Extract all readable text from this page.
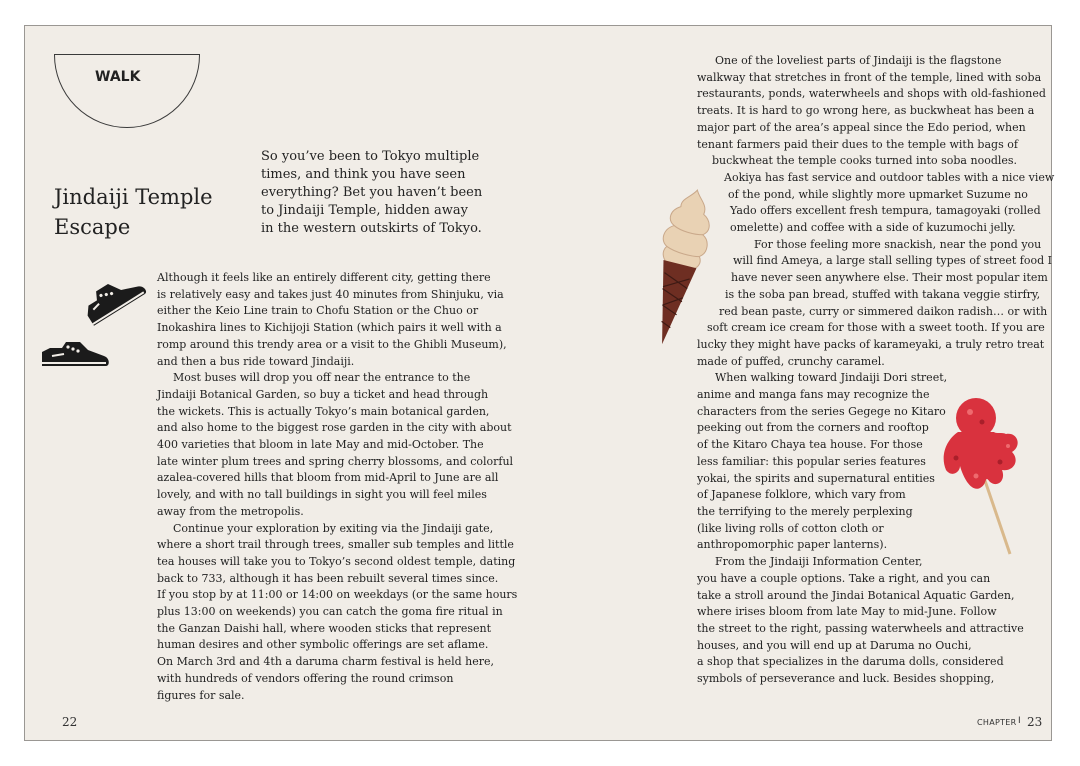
WALK
Jindaiji Temple
Escape

So you’ve been to Tokyo multiple
times, and think you have seen
everything? Bet you haven’t been
to Jindaiji Temple, hidden away
in the western outskirts of Tokyo.

Although it feels like an entirely different city, getting there
is relatively easy and takes just 40 minutes from Shinjuku, via
either the Keio Line train to Chofu Station or the Chuo or
Inokashira lines to Kichijoji Station (which pairs it well with a
romp around this trendy area or a visit to the Ghibli Museum),
and then a bus ride toward Jindaiji.
Most buses will drop you off near the entrance to the
Jindaiji Botanical Garden, so buy a ticket and head through
the wickets. This is actually Tokyo’s main botanical garden,
and also home to the biggest rose garden in the city with about
400 varieties that bloom in late May and mid-October. The
late winter plum trees and spring cherry blossoms, and colorful
azalea-covered hills that bloom from mid-April to June are all
lovely, and with no tall buildings in sight you will feel miles
away from the metropolis.
Continue your exploration by exiting via the Jindaiji gate,
where a short trail through trees, smaller sub temples and little
tea houses will take you to Tokyo’s second oldest temple, dating
back to 733, although it has been rebuilt several times since.
If you stop by at 11:00 or 14:00 on weekdays (or the same hours
plus 13:00 on weekends) you can catch the goma fire ritual in
the Ganzan Daishi hall, where wooden sticks that represent
human desires and other symbolic offerings are set aflame.
On March 3rd and 4th a daruma charm festival is held here,
with hundreds of vendors offering the round crimson
figures for sale.
One of the loveliest parts of Jindaiji is the flagstone
walkway that stretches in front of the temple, lined with soba
restaurants, ponds, waterwheels and shops with old-fashioned
treats. It is hard to go wrong here, as buckwheat has been a
major part of the area’s appeal since the Edo period, when
tenant farmers paid their dues to the temple with bags of
buckwheat the temple cooks turned into soba noodles.
Aokiya has fast service and outdoor tables with a nice view
of the pond, while slightly more upmarket Suzume no
Yado offers excellent fresh tempura, tamagoyaki (rolled
omelette) and coffee with a side of kuzumochi jelly.
For those feeling more snackish, near the pond you
will find Ameya, a large stall selling types of street food I
have never seen anywhere else. Their most popular item
is the soba pan bread, stuffed with takana veggie stirfry,
red bean paste, curry or simmered daikon radish… or with
soft cream ice cream for those with a sweet tooth. If you are
lucky they might have packs of karameyaki, a truly retro treat
made of puffed, crunchy caramel.
When walking toward Jindaiji Dori street,
anime and manga fans may recognize the
characters from the series Gegege no Kitaro
peeking out from the corners and rooftop
of the Kitaro Chaya tea house. For those
less familiar: this popular series features
yokai, the spirits and supernatural entities
of Japanese folklore, which vary from
the terrifying to the merely perplexing
(like living rolls of cotton cloth or
anthropomorphic paper lanterns).
From the Jindaiji Information Center,
you have a couple options. Take a right, and you can
take a stroll around the Jindai Botanical Aquatic Garden,
where irises bloom from late May to mid-June. Follow
the street to the right, passing waterwheels and attractive
houses, and you will end up at Daruma no Ouchi,
a shop that specializes in the daruma dolls, considered
symbols of perseverance and luck. Besides shopping,
22	CHAPTER I 23
